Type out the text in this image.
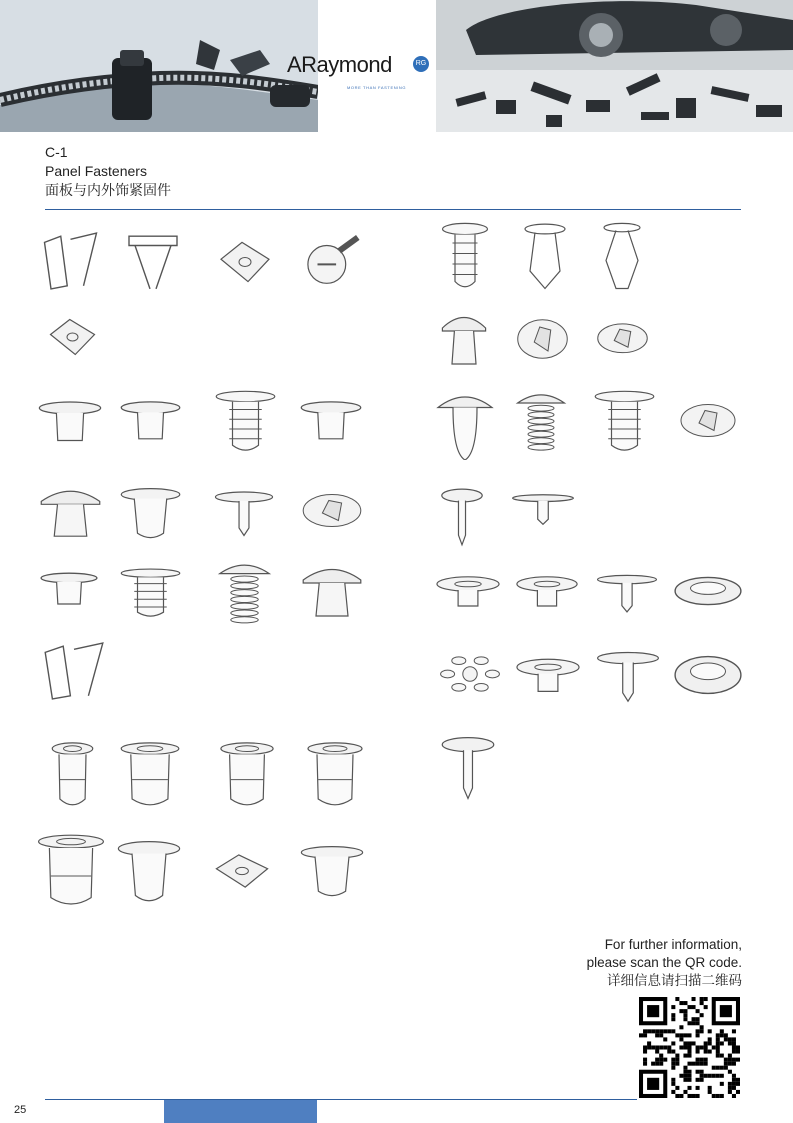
ARaymond	RG
MORE THAN FASTENING
C-1
Panel Fasteners
面板与内外饰紧固件
For further information,
please scan the QR code.
详细信息请扫描二维码
25
